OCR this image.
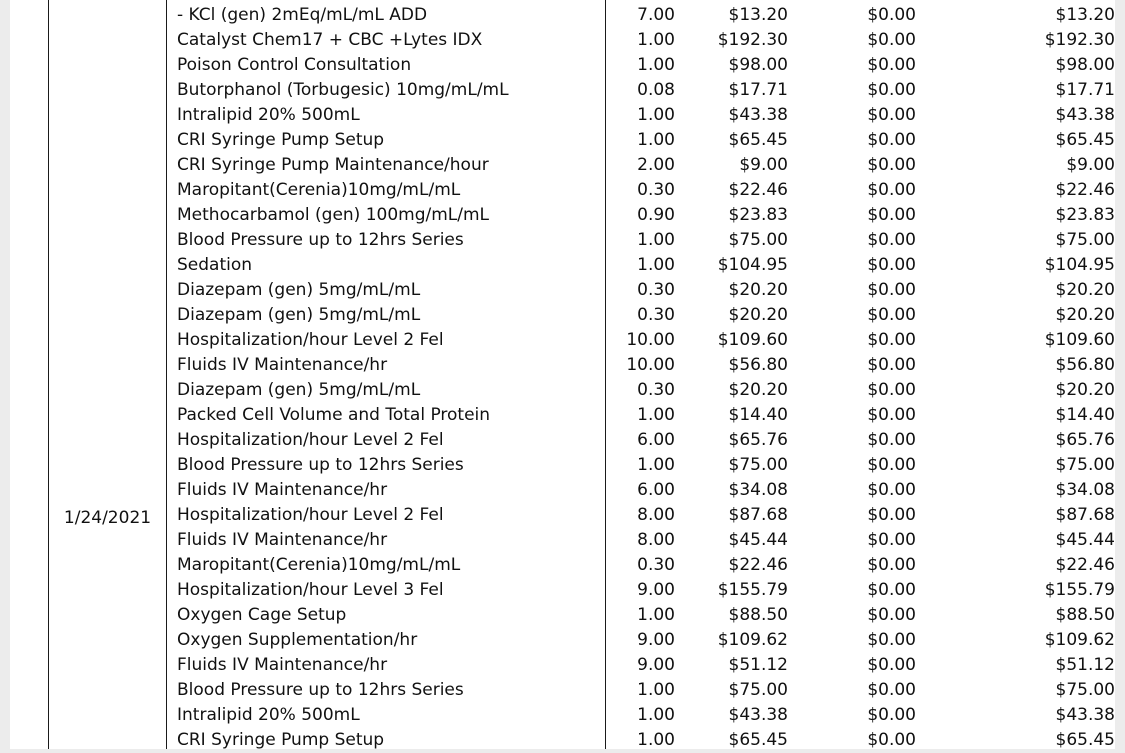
1/24/2021
- KCl (gen) 2mEq/mL/mL ADD	7.00	$13.20	$0.00	$13.20
Catalyst Chem17 + CBC +Lytes IDX	1.00	$192.30	$0.00	$192.30
Poison Control Consultation	1.00	$98.00	$0.00	$98.00
Butorphanol (Torbugesic) 10mg/mL/mL	0.08	$17.71	$0.00	$17.71
Intralipid 20% 500mL	1.00	$43.38	$0.00	$43.38
CRI Syringe Pump Setup	1.00	$65.45	$0.00	$65.45
CRI Syringe Pump Maintenance/hour	2.00	$9.00	$0.00	$9.00
Maropitant(Cerenia)10mg/mL/mL	0.30	$22.46	$0.00	$22.46
Methocarbamol (gen) 100mg/mL/mL	0.90	$23.83	$0.00	$23.83
Blood Pressure up to 12hrs Series	1.00	$75.00	$0.00	$75.00
Sedation	1.00	$104.95	$0.00	$104.95
Diazepam (gen) 5mg/mL/mL	0.30	$20.20	$0.00	$20.20
Diazepam (gen) 5mg/mL/mL	0.30	$20.20	$0.00	$20.20
Hospitalization/hour Level 2 Fel	10.00	$109.60	$0.00	$109.60
Fluids IV Maintenance/hr	10.00	$56.80	$0.00	$56.80
Diazepam (gen) 5mg/mL/mL	0.30	$20.20	$0.00	$20.20
Packed Cell Volume and Total Protein	1.00	$14.40	$0.00	$14.40
Hospitalization/hour Level 2 Fel	6.00	$65.76	$0.00	$65.76
Blood Pressure up to 12hrs Series	1.00	$75.00	$0.00	$75.00
Fluids IV Maintenance/hr	6.00	$34.08	$0.00	$34.08
Hospitalization/hour Level 2 Fel	8.00	$87.68	$0.00	$87.68
Fluids IV Maintenance/hr	8.00	$45.44	$0.00	$45.44
Maropitant(Cerenia)10mg/mL/mL	0.30	$22.46	$0.00	$22.46
Hospitalization/hour Level 3 Fel	9.00	$155.79	$0.00	$155.79
Oxygen Cage Setup	1.00	$88.50	$0.00	$88.50
Oxygen Supplementation/hr	9.00	$109.62	$0.00	$109.62
Fluids IV Maintenance/hr	9.00	$51.12	$0.00	$51.12
Blood Pressure up to 12hrs Series	1.00	$75.00	$0.00	$75.00
Intralipid 20% 500mL	1.00	$43.38	$0.00	$43.38
CRI Syringe Pump Setup	1.00	$65.45	$0.00	$65.45
